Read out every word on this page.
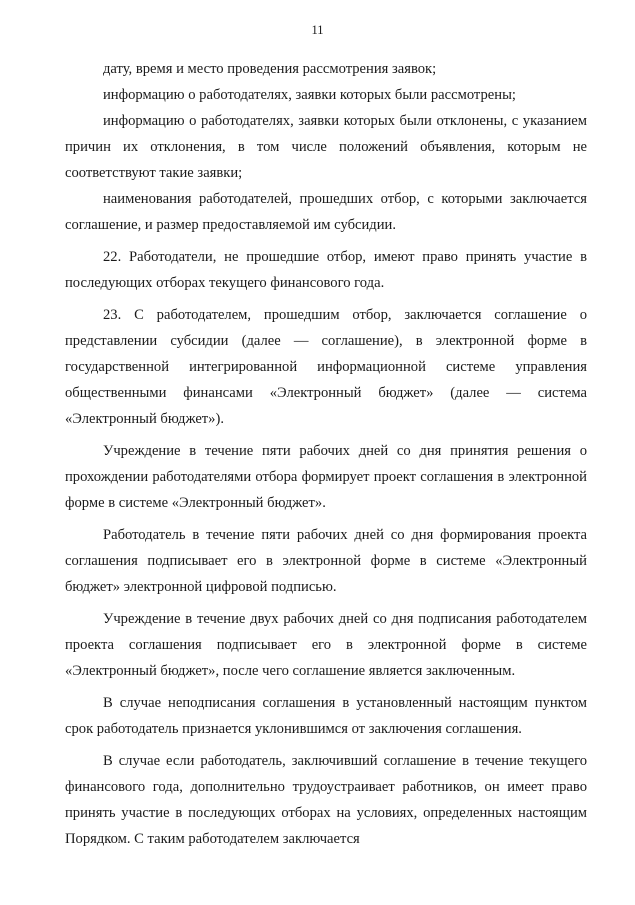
11

дату, время и место проведения рассмотрения заявок;

информацию о работодателях, заявки которых были рассмотрены;

информацию о работодателях, заявки которых были отклонены, с указанием причин их отклонения, в том числе положений объявления, которым не соответствуют такие заявки;

наименования работодателей, прошедших отбор, с которыми заключается соглашение, и размер предоставляемой им субсидии.

22. Работодатели, не прошедшие отбор, имеют право принять участие в последующих отборах текущего финансового года.

23. С работодателем, прошедшим отбор, заключается соглашение о представлении субсидии (далее — соглашение), в электронной форме в государственной интегрированной информационной системе управления общественными финансами «Электронный бюджет» (далее — система «Электронный бюджет»).

Учреждение в течение пяти рабочих дней со дня принятия решения о прохождении работодателями отбора формирует проект соглашения в электронной форме в системе «Электронный бюджет».

Работодатель в течение пяти рабочих дней со дня формирования проекта соглашения подписывает его в электронной форме в системе «Электронный бюджет» электронной цифровой подписью.

Учреждение в течение двух рабочих дней со дня подписания работодателем проекта соглашения подписывает его в электронной форме в системе «Электронный бюджет», после чего соглашение является заключенным.

В случае неподписания соглашения в установленный настоящим пунктом срок работодатель признается уклонившимся от заключения соглашения.

В случае если работодатель, заключивший соглашение в течение текущего финансового года, дополнительно трудоустраивает работников, он имеет право принять участие в последующих отборах на условиях, определенных настоящим Порядком. С таким работодателем заключается
